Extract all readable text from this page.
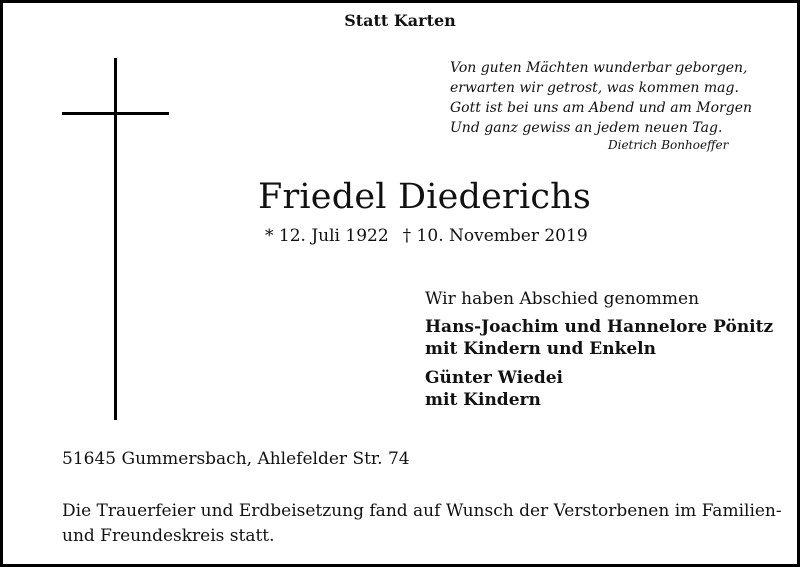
Statt Karten
Von guten Mächten wunderbar geborgen,
erwarten wir getrost, was kommen mag.
Gott ist bei uns am Abend und am Morgen
Und ganz gewiss an jedem neuen Tag.
Dietrich Bonhoeffer
Friedel Diederichs
* 12. Juli 1922 † 10. November 2019
Wir haben Abschied genommen
Hans-Joachim und Hannelore Pönitz
mit Kindern und Enkeln
Günter Wiedei
mit Kindern
51645 Gummersbach, Ahlefelder Str. 74
Die Trauerfeier und Erdbeisetzung fand auf Wunsch der Verstorbenen im Familien-
und Freundeskreis statt.
